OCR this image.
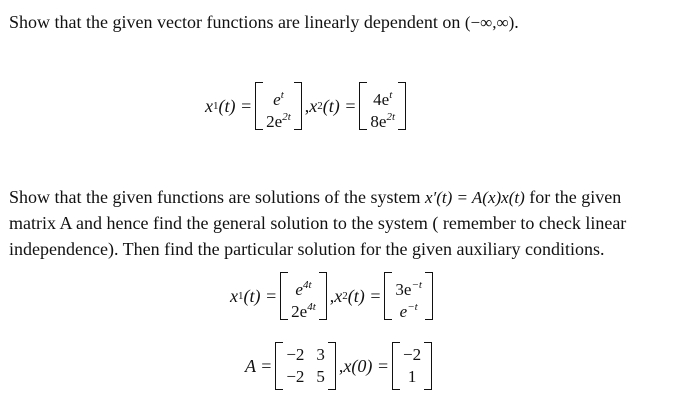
Show that the given vector functions are linearly dependent on (−∞,∞).
x 1 (t) =	$e^t$
$2e^{2t}$
, x 2 $(t) = 4e^t$
$8e^{2t}$
Show that the given functions are solutions of the system x′(t) = A(x)x(t) for the given
matrix A and hence find the general solution to the system ( remember to check linear
independence). Then find the particular solution for the given auxiliary conditions.
x 1 $(t) = e^{4t}$
$2e^{4t}$
, x 2 $(t) = 3e^{-t}$
$e^{-t}$
A =
−2 3
−2 5
, x(0) =
−2
1
